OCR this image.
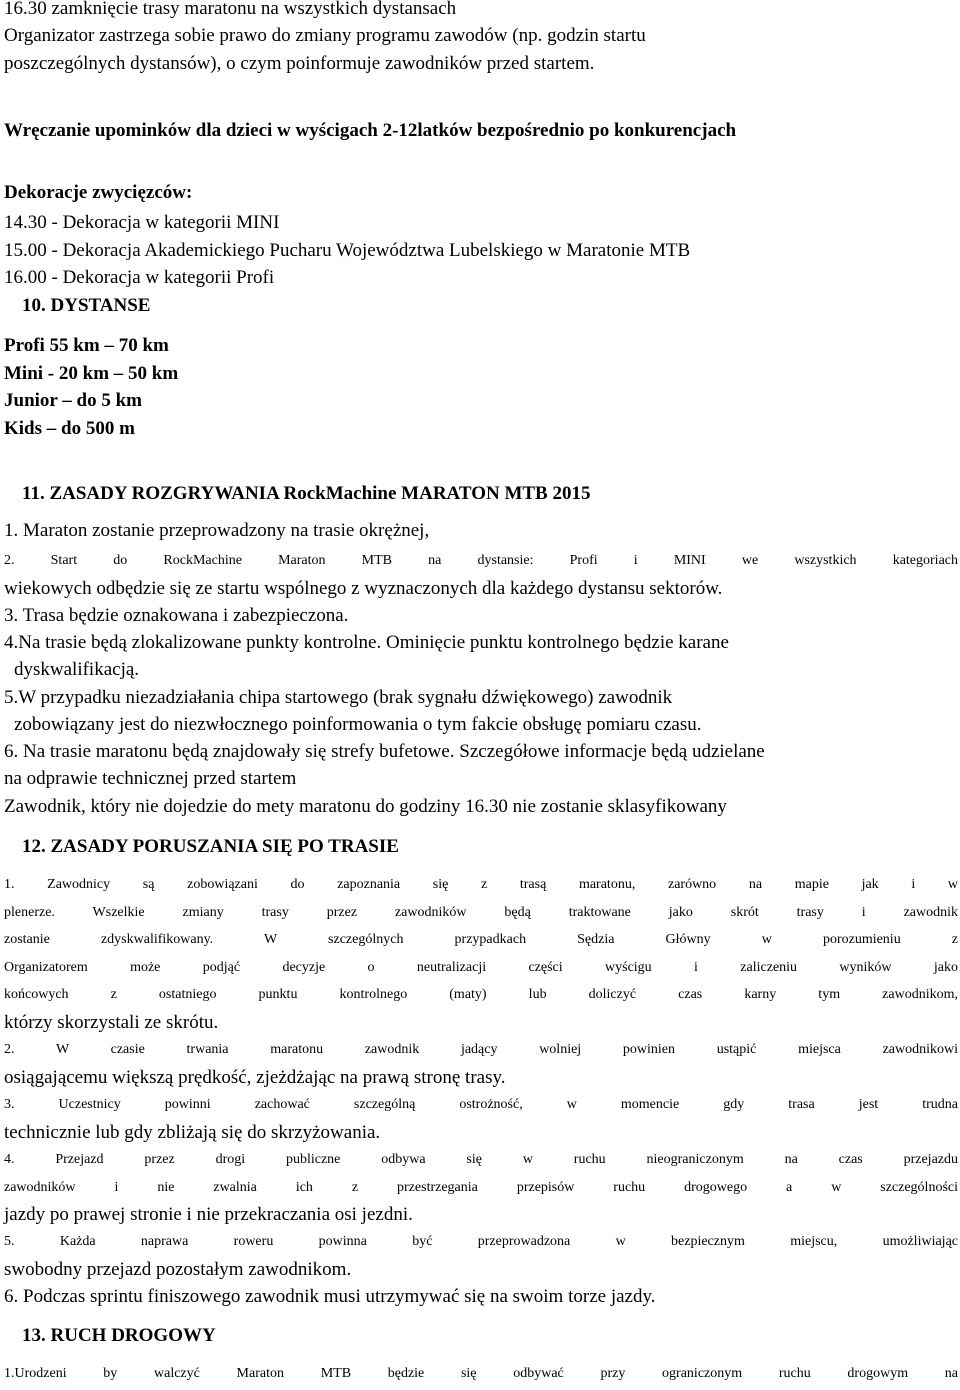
16.30 zamknięcie trasy maratonu na wszystkich dystansach
Organizator zastrzega sobie prawo do zmiany programu zawodów (np. godzin startu
poszczególnych dystansów), o czym poinformuje zawodników przed startem.
Wręczanie upominków dla dzieci w wyścigach 2-12latków bezpośrednio po konkurencjach
Dekoracje zwycięzców:
14.30 - Dekoracja w kategorii MINI
15.00 - Dekoracja Akademickiego Pucharu Województwa Lubelskiego w Maratonie MTB
16.00 - Dekoracja w kategorii Profi
10. DYSTANSE
Profi 55 km – 70 km
Mini - 20 km – 50 km
Junior – do 5 km
Kids – do 500 m
11. ZASADY ROZGRYWANIA RockMachine MARATON MTB 2015
1. Maraton zostanie przeprowadzony na trasie okrężnej,
2. Start do RockMachine Maraton MTB na dystansie: Profi i MINI we wszystkich kategoriach
wiekowych odbędzie się ze startu wspólnego z wyznaczonych dla każdego dystansu sektorów.
3. Trasa będzie oznakowana i zabezpieczona.
4.Na trasie będą zlokalizowane punkty kontrolne. Ominięcie punktu kontrolnego będzie karane
dyskwalifikacją.
5.W przypadku niezadziałania chipa startowego (brak sygnału dźwiękowego) zawodnik
zobowiązany jest do niezwłocznego poinformowania o tym fakcie obsługę pomiaru czasu.
6. Na trasie maratonu będą znajdowały się strefy bufetowe. Szczegółowe informacje będą udzielane
na odprawie technicznej przed startem
Zawodnik, który nie dojedzie do mety maratonu do godziny 16.30 nie zostanie sklasyfikowany
12. ZASADY PORUSZANIA SIĘ PO TRASIE
1. Zawodnicy są zobowiązani do zapoznania się z trasą maratonu, zarówno na mapie jak i w
plenerze. Wszelkie zmiany trasy przez zawodników będą traktowane jako skrót trasy i zawodnik
zostanie zdyskwalifikowany. W szczególnych przypadkach Sędzia Główny w porozumieniu z
Organizatorem może podjąć decyzje o neutralizacji części wyścigu i zaliczeniu wyników jako
końcowych z ostatniego punktu kontrolnego (maty) lub doliczyć czas karny tym zawodnikom,
którzy skorzystali ze skrótu.
2. W czasie trwania maratonu zawodnik jadący wolniej powinien ustąpić miejsca zawodnikowi
osiągającemu większą prędkość, zjeżdżając na prawą stronę trasy.
3. Uczestnicy powinni zachować szczególną ostrożność, w momencie gdy trasa jest trudna
technicznie lub gdy zbliżają się do skrzyżowania.
4. Przejazd przez drogi publiczne odbywa się w ruchu nieograniczonym na czas przejazdu
zawodników i nie zwalnia ich z przestrzegania przepisów ruchu drogowego a w szczególności
jazdy po prawej stronie i nie przekraczania osi jezdni.
5. Każda naprawa roweru powinna być przeprowadzona w bezpiecznym miejscu, umożliwiając
swobodny przejazd pozostałym zawodnikom.
6. Podczas sprintu finiszowego zawodnik musi utrzymywać się na swoim torze jazdy.
13. RUCH DROGOWY
1.Urodzeni by walczyć Maraton MTB będzie się odbywać przy ograniczonym ruchu drogowym na
